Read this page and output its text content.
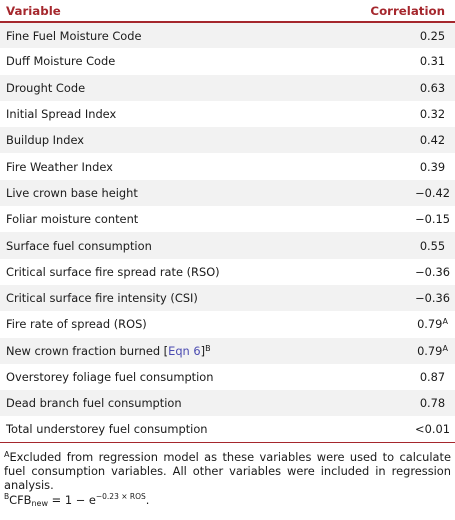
Variable	Correlation
Fine Fuel Moisture Code	0.25
Duff Moisture Code	0.31
Drought Code	0.63
Initial Spread Index	0.32
Buildup Index	0.42
Fire Weather Index	0.39
Live crown base height	−0.42
Foliar moisture content	−0.15
Surface fuel consumption	0.55
Critical surface fire spread rate (RSO)	−0.36
Critical surface fire intensity (CSI)	−0.36
Fire rate of spread (ROS)	$0.79^A$
New crown fraction burned [Eqn 6]$^B$	$0.79^A$
Overstorey foliage fuel consumption	0.87
Dead branch fuel consumption	0.78
Total understorey fuel consumption	<0.01

$^A$Excluded from regression model as these variables were used to calculate fuel consumption variables. All other variables were included in regression analysis.

$^BCFB_{new} = 1 - e^{-0.23 \times ROS}$.
